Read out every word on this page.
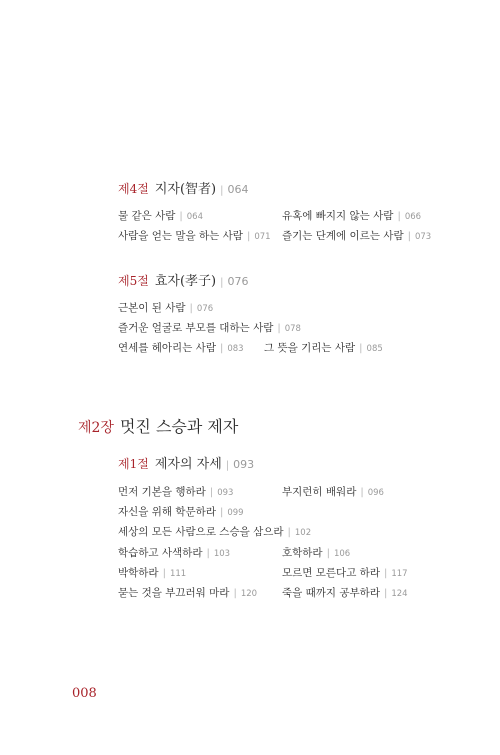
제4절 지자(智者) | 064
물 같은 사람 | 064	유혹에 빠지지 않는 사람 | 066
사람을 얻는 말을 하는 사람 | 071 즐기는 단계에 이르는 사람 | 073
제5절 효자(孝子) | 076
근본이 된 사람 | 076
즐거운 얼굴로 부모를 대하는 사람 | 078
연세를 헤아리는 사람 | 083 그 뜻을 기리는 사람 | 085
제2장 멋진 스승과 제자
제1절 제자의 자세 | 093
먼저 기본을 행하라 | 093	부지런히 배워라 | 096
자신을 위해 학문하라 | 099
세상의 모든 사람으로 스승을 삼으라 | 102
학습하고 사색하라 | 103	호학하라 | 106
박학하라 | 111	모르면 모른다고 하라 | 117
묻는 것을 부끄러워 마라 | 120 죽을 때까지 공부하라 | 124
008
